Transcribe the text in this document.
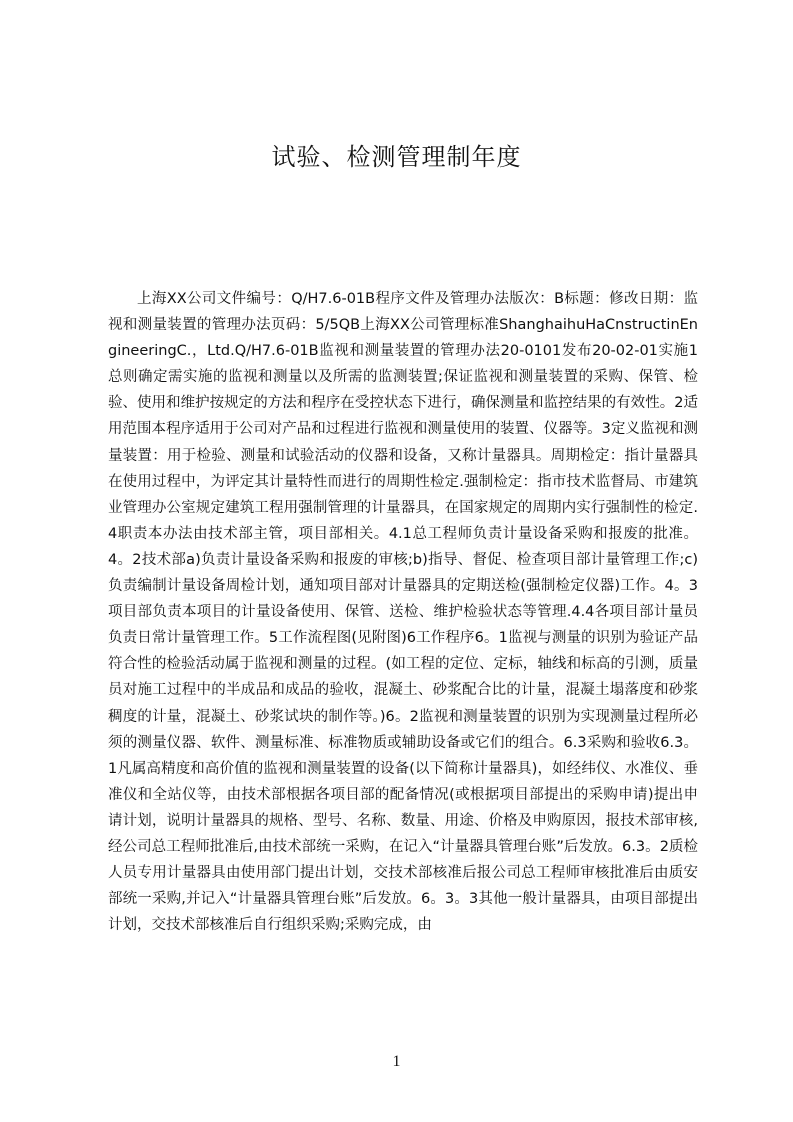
试验、检测管理制年度

上海XX公司文件编号：Q/H7.6-01B程序文件及管理办法版次：B标题：修改日期：监视和测量装置的管理办法页码：5/5QB上海XX公司管理标准ShanghaihuHaCnstructinEngineeringC.，Ltd.Q/H7.6-01B监视和测量装置的管理办法20-0101发布20-02-01实施1总则确定需实施的监视和测量以及所需的监测装置;保证监视和测量装置的采购、保管、检验、使用和维护按规定的方法和程序在受控状态下进行，确保测量和监控结果的有效性。2适用范围本程序适用于公司对产品和过程进行监视和测量使用的装置、仪器等。3定义监视和测量装置：用于检验、测量和试验活动的仪器和设备，又称计量器具。周期检定：指计量器具在使用过程中，为评定其计量特性而进行的周期性检定.强制检定：指市技术监督局、市建筑业管理办公室规定建筑工程用强制管理的计量器具，在国家规定的周期内实行强制性的检定.4职责本办法由技术部主管，项目部相关。4.1总工程师负责计量设备采购和报废的批准。4。2技术部a)负责计量设备采购和报废的审核;b)指导、督促、检查项目部计量管理工作;c)负责编制计量设备周检计划，通知项目部对计量器具的定期送检(强制检定仪器)工作。4。3项目部负责本项目的计量设备使用、保管、送检、维护检验状态等管理.4.4各项目部计量员负责日常计量管理工作。5工作流程图(见附图)6工作程序6。1监视与测量的识别为验证产品符合性的检验活动属于监视和测量的过程。(如工程的定位、定标，轴线和标高的引测，质量员对施工过程中的半成品和成品的验收，混凝土、砂浆配合比的计量，混凝土塌落度和砂浆稠度的计量，混凝土、砂浆试块的制作等。)6。2监视和测量装置的识别为实现测量过程所必须的测量仪器、软件、测量标准、标准物质或辅助设备或它们的组合。6.3采购和验收6.3。1凡属高精度和高价值的监视和测量装置的设备(以下简称计量器具)，如经纬仪、水准仪、垂准仪和全站仪等，由技术部根据各项目部的配备情况(或根据项目部提出的采购申请)提出申请计划，说明计量器具的规格、型号、名称、数量、用途、价格及申购原因，报技术部审核,经公司总工程师批准后,由技术部统一采购，在记入“计量器具管理台账”后发放。6.3。2质检人员专用计量器具由使用部门提出计划，交技术部核准后报公司总工程师审核批准后由质安部统一采购,并记入“计量器具管理台账”后发放。6。3。3其他一般计量器具，由项目部提出计划，交技术部核准后自行组织采购;采购完成，由

1
